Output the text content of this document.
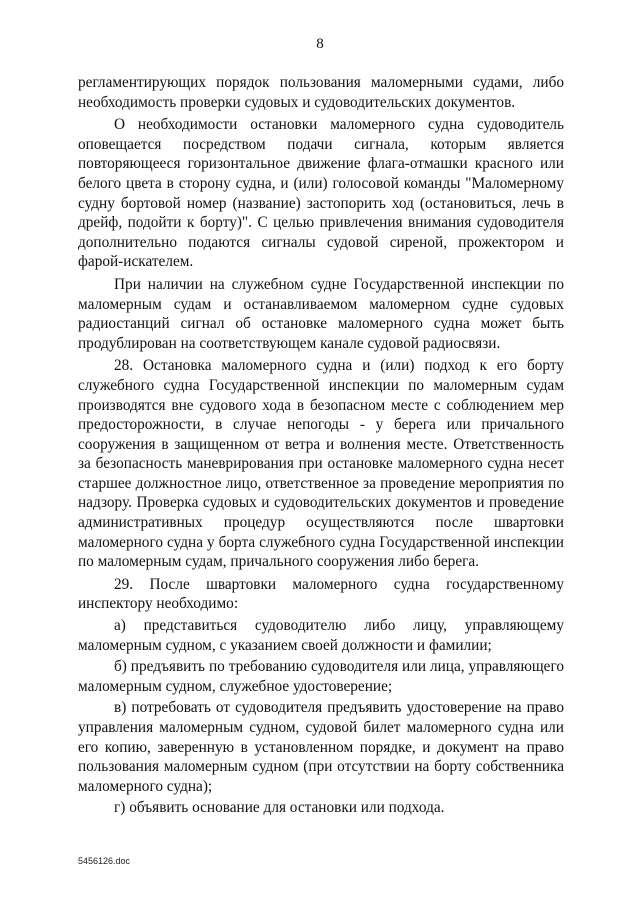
8

регламентирующих порядок пользования маломерными судами, либо необходимость проверки судовых и судоводительских документов.

О необходимости остановки маломерного судна судоводитель оповещается посредством подачи сигнала, которым является повторяющееся горизонтальное движение флага-отмашки красного или белого цвета в сторону судна, и (или) голосовой команды "Маломерному судну бортовой номер (название) застопорить ход (остановиться, лечь в дрейф, подойти к борту)". С целью привлечения внимания судоводителя дополнительно подаются сигналы судовой сиреной, прожектором и фарой-искателем.

При наличии на служебном судне Государственной инспекции по маломерным судам и останавливаемом маломерном судне судовых радиостанций сигнал об остановке маломерного судна может быть продублирован на соответствующем канале судовой радиосвязи.

28. Остановка маломерного судна и (или) подход к его борту служебного судна Государственной инспекции по маломерным судам производятся вне судового хода в безопасном месте с соблюдением мер предосторожности, в случае непогоды - у берега или причального сооружения в защищенном от ветра и волнения месте. Ответственность за безопасность маневрирования при остановке маломерного судна несет старшее должностное лицо, ответственное за проведение мероприятия по надзору. Проверка судовых и судоводительских документов и проведение административных процедур осуществляются после швартовки маломерного судна у борта служебного судна Государственной инспекции по маломерным судам, причального сооружения либо берега.

29. После швартовки маломерного судна государственному инспектору необходимо:

а) представиться судоводителю либо лицу, управляющему маломерным судном, с указанием своей должности и фамилии;

б) предъявить по требованию судоводителя или лица, управляющего маломерным судном, служебное удостоверение;

в) потребовать от судоводителя предъявить удостоверение на право управления маломерным судном, судовой билет маломерного судна или его копию, заверенную в установленном порядке, и документ на право пользования маломерным судном (при отсутствии на борту собственника маломерного судна);

г) объявить основание для остановки или подхода.

5456126.doc
